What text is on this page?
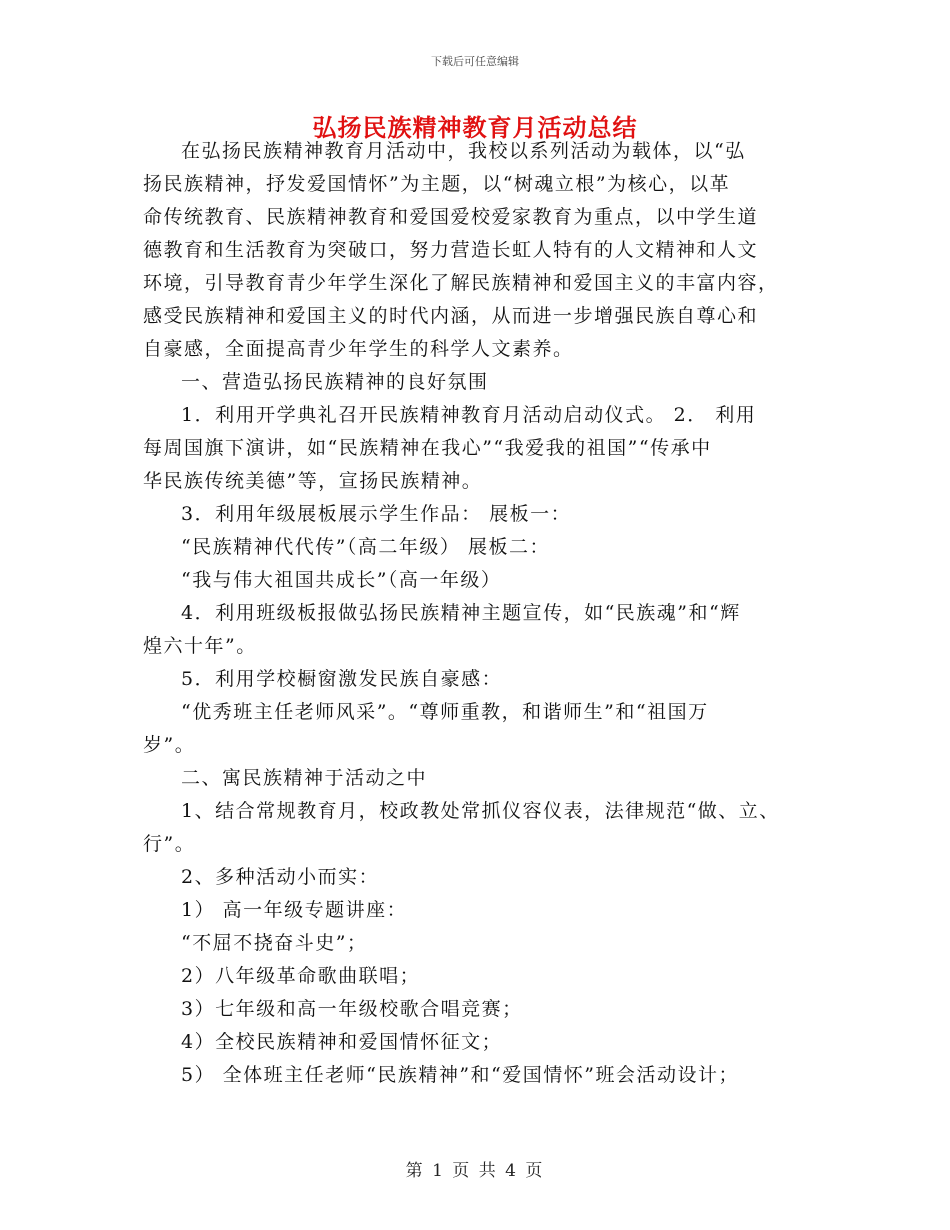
下载后可任意编辑
弘扬民族精神教育月活动总结
在弘扬民族精神教育月活动中，我校以系列活动为载体，以“弘
扬民族精神，抒发爱国情怀”为主题，以“树魂立根”为核心，以革
命传统教育、民族精神教育和爱国爱校爱家教育为重点，以中学生道
德教育和生活教育为突破口，努力营造长虹人特有的人文精神和人文
环境，引导教育青少年学生深化了解民族精神和爱国主义的丰富内容，
感受民族精神和爱国主义的时代内涵，从而进一步增强民族自尊心和
自豪感，全面提高青少年学生的科学人文素养。
一、营造弘扬民族精神的良好氛围
1．利用开学典礼召开民族精神教育月活动启动仪式。 2． 利用
每周国旗下演讲，如“民族精神在我心”“我爱我的祖国”“传承中
华民族传统美德”等，宣扬民族精神。
3．利用年级展板展示学生作品： 展板一：
“民族精神代代传”（高二年级） 展板二：
“我与伟大祖国共成长”（高一年级）
4．利用班级板报做弘扬民族精神主题宣传，如“民族魂”和“辉
煌六十年”。
5．利用学校橱窗激发民族自豪感：
“优秀班主任老师风采”。“尊师重教，和谐师生”和“祖国万
岁”。
二、寓民族精神于活动之中
1、结合常规教育月，校政教处常抓仪容仪表，法律规范“做、立、
行”。
2、多种活动小而实：
1） 高一年级专题讲座：
“不屈不挠奋斗史”；
2）八年级革命歌曲联唱；
3）七年级和高一年级校歌合唱竞赛；
4）全校民族精神和爱国情怀征文；
5） 全体班主任老师“民族精神”和“爱国情怀”班会活动设计；
第 1 页 共 4 页
